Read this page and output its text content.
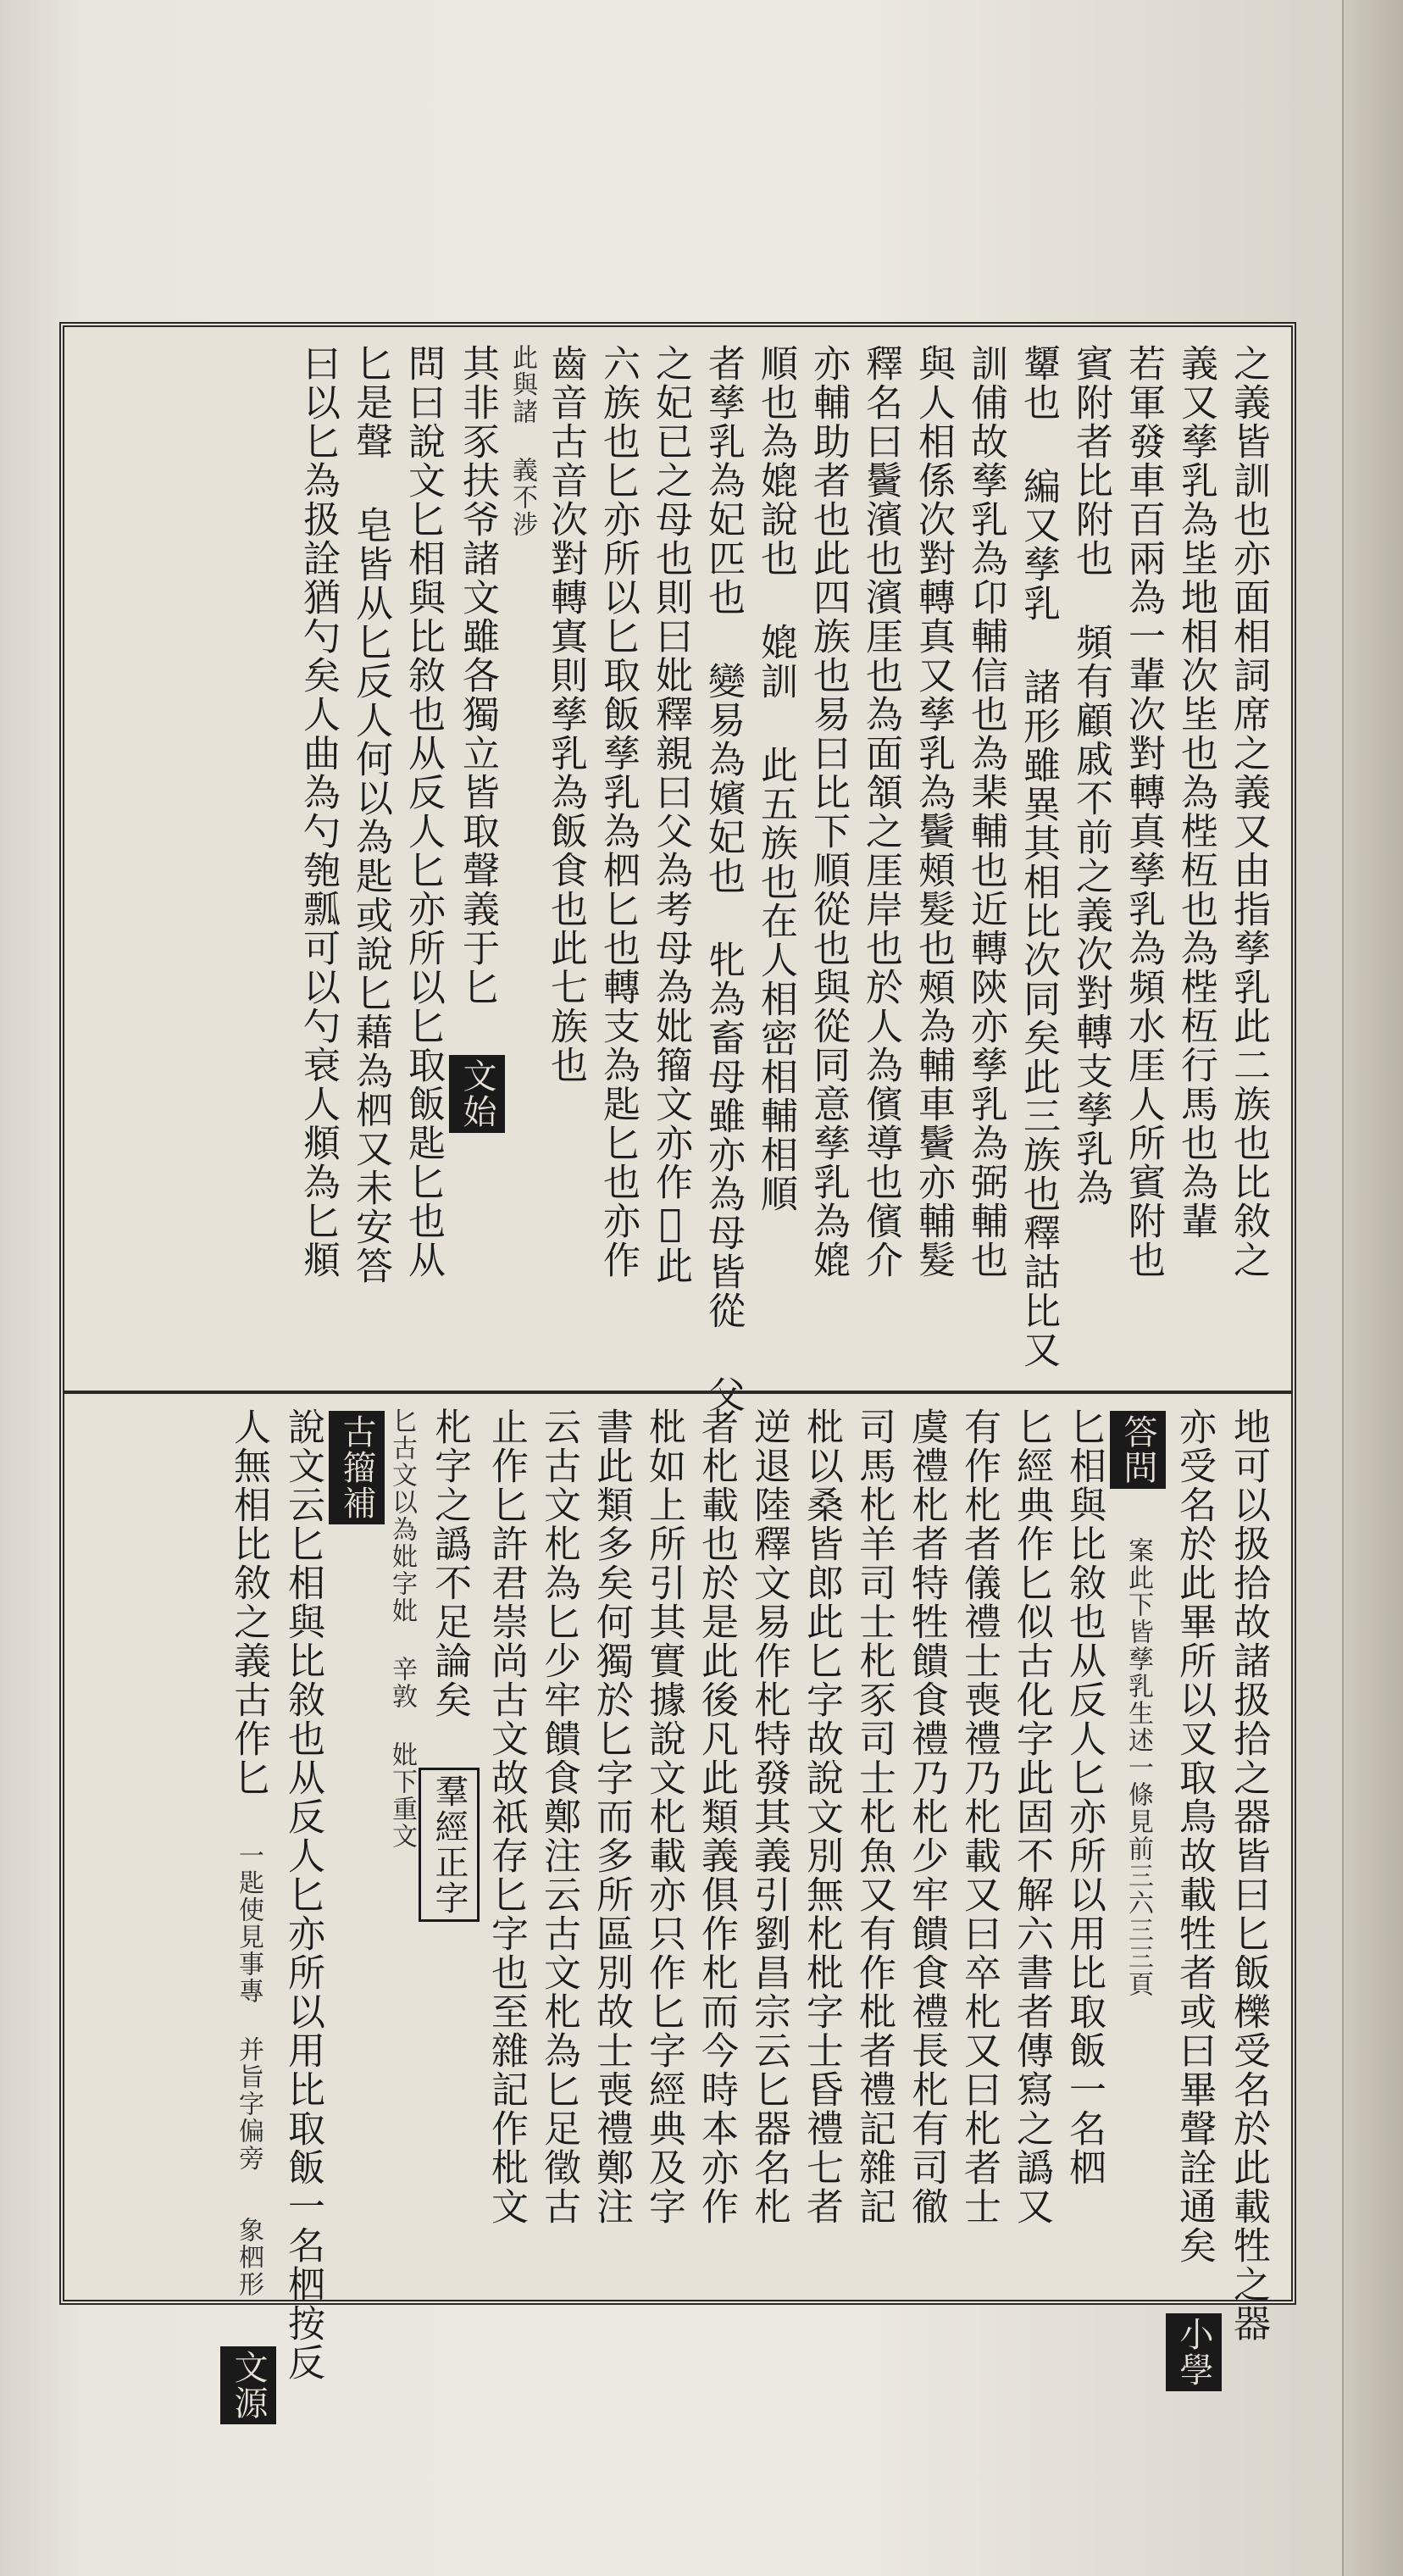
之義皆訓也亦面相詞席之義又由指孳乳此二族也比敘之
義又孳乳為坒地相次坒也為梐枑也為梐枑行馬也為輩
若軍發車百兩為一輩次對轉真孳乳為頻水厓人所賓附也
賓附者比附也 頻有顧戚不前之義次對轉支孳乳為
顰也 編又孳乳 諸形雖異其相比次同矣此三族也釋詁比又
訓俌故孳乳為卬輔信也為棐輔也近轉陝亦孳乳為弼輔也
與人相係次對轉真又孳乳為鬢頰髮也頰為輔車鬢亦輔髮
釋名曰鬢濱也濱厓也為面頷之厓岸也於人為儐導也儐介
亦輔助者也此四族也易曰比下順從也與從同意孳乳為媲
順也為媲說也 媲訓 此五族也在人相密相輔相順
者孳乳為妃匹也 變易為嬪妃也 牝為畜母雖亦為母皆從 父
之妃已之母也則曰妣釋親曰父為考母為妣籀文亦作𡛱此
六族也匕亦所以匕取飯孳乳為柶匕也轉支為匙匕也亦作
齒音古音次對轉寘則孳乳為飯食也此七族也
此與諸 義不涉
其非豕扶爷諸文雖各獨立皆取聲義于匕 文始
問曰說文匕相與比敘也从反人匕亦所以匕取飯匙匕也从
匕是聲 皂皆从匕反人何以為匙或說匕藉為柶又未安答
曰以匕為扱詮猶勺矣人曲為勺匏瓢可以勺衰人頫為匕頫
地可以扱拾故諸扱拾之器皆曰匕飯櫟受名於此載牲之器
亦受名於此畢所以叉取鳥故載牲者或曰畢聲詮通矣 小學
答問 案此下皆孳乳生述一條見前三六三三頁
匕相與比敘也从反人匕亦所以用比取飯一名柶
匕經典作匕似古化字此固不解六書者傳寫之譌又
有作朼者儀禮士喪禮乃朼載又曰卒朼又曰朼者士
虞禮朼者特牲饋食禮乃朼少牢饋食禮長朼有司徹
司馬朼羊司士朼豕司士朼魚又有作枇者禮記雜記
枇以桑皆郎此匕字故說文別無朼枇字士昏禮七者
逆退陸釋文易作朼特發其義引劉昌宗云匕器名朼
者朼載也於是此後凡此類義俱作朼而今時本亦作
枇如上所引其實據說文朼載亦只作匕字經典及字
書此類多矣何獨於匕字而多所區別故士喪禮鄭注
云古文朼為匕少牢饋食鄭注云古文朼為匕足徵古
止作匕許君崇尚古文故祇存匕字也至雜記作枇文
朼字之譌不足論矣 羣經正字
匕古文以為妣字妣 辛敦 妣下重文
古籀補
說文云匕相與比敘也从反人匕亦所以用比取飯一名柶按反
人無相比敘之義古作匕 一匙使見事專 并旨字偏旁 象柶形 文源
